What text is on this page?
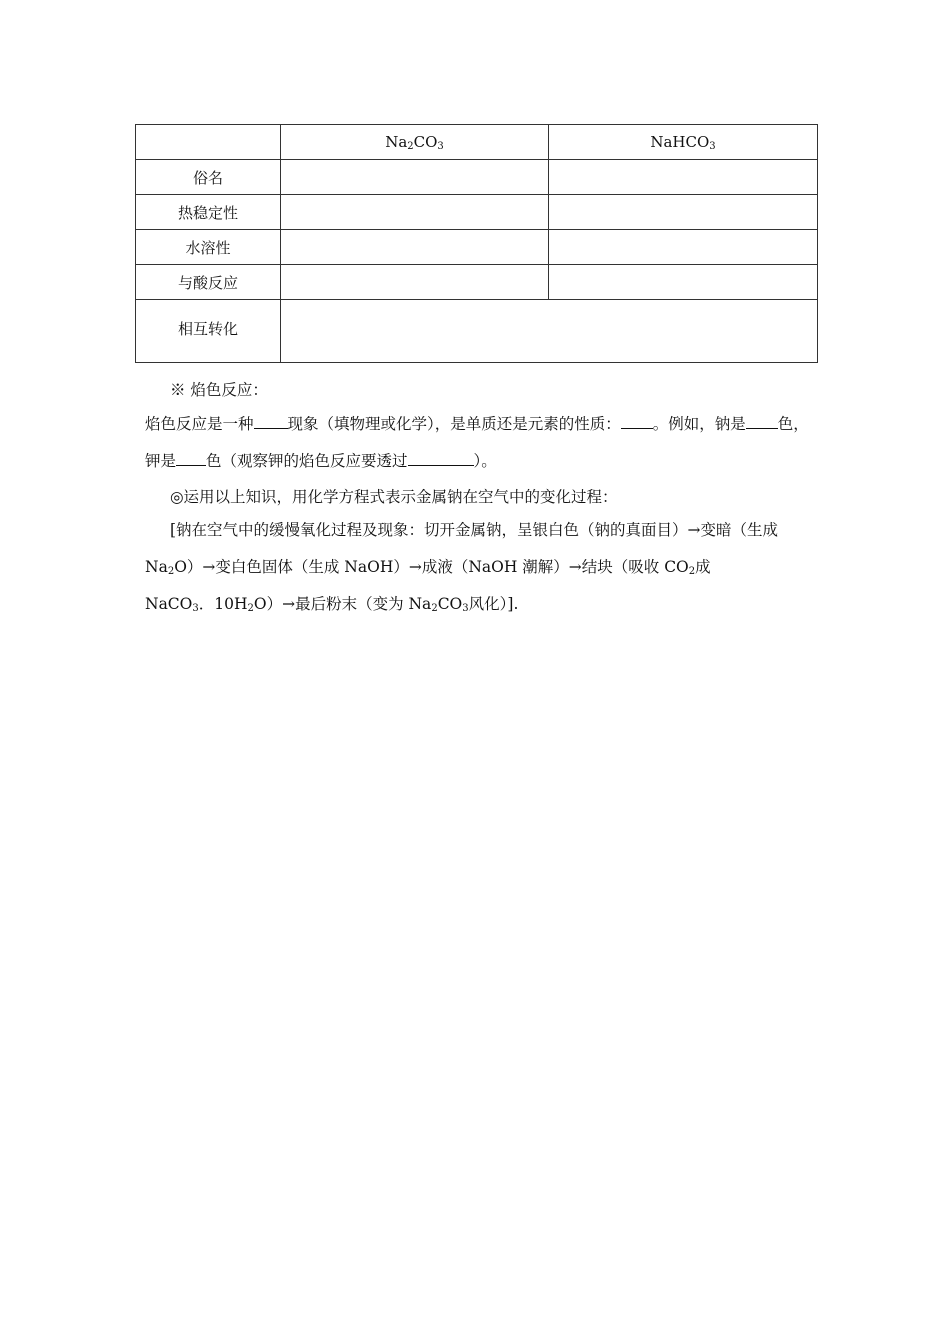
	$Na_2CO_3$	NaHCO$_3$
俗名		
热稳定性		
水溶性		
与酸反应		
相互转化		
※ 焰色反应：
焰色反应是一种 现象（填物理或化学），是单质还是元素的性质： 。例如，钠是 色，
钾是 色（观察钾的焰色反应要透过	）。
◎运用以上知识，用化学方程式表示金属钠在空气中的变化过程：
[钠在空气中的缓慢氧化过程及现象：切开金属钠，呈银白色（钠的真面目）→变暗（生成
$Na_2O)\to$变白色固体（生成 NaOH）→成液（NaOH 潮解）→结块（吸收 $CO_2$成
NaCO$_3$．$10H_2O)\to$最后粉末（变为 $Na_2CO_3$风化）].
